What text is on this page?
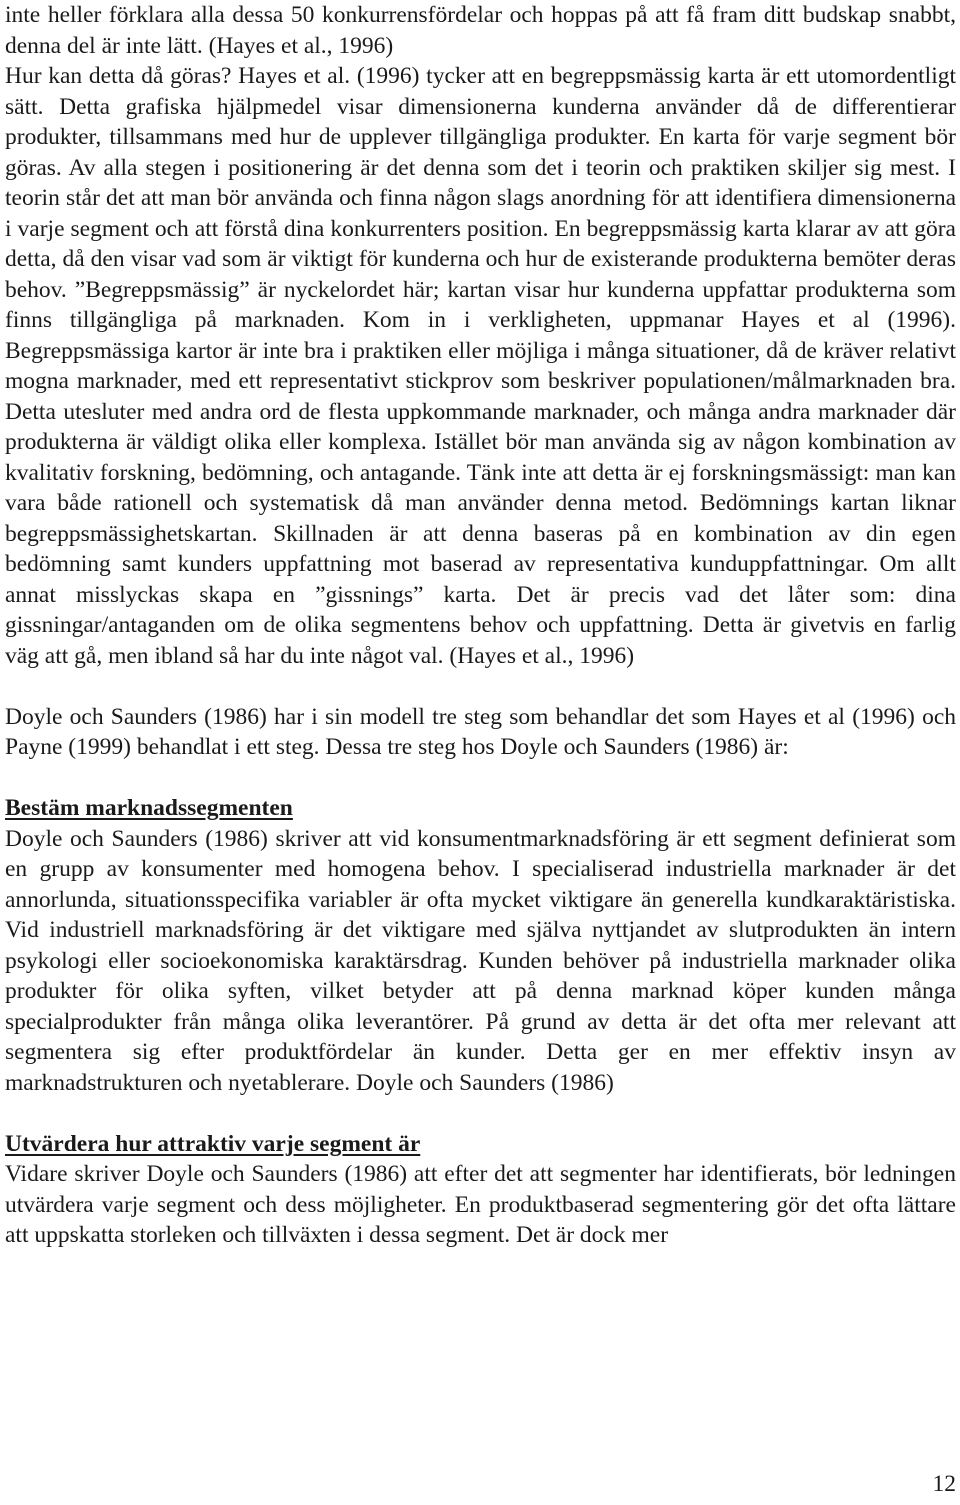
inte heller förklara alla dessa 50 konkurrensfördelar och hoppas på att få fram ditt budskap snabbt, denna del är inte lätt. (Hayes et al., 1996)

Hur kan detta då göras? Hayes et al. (1996) tycker att en begreppsmässig karta är ett utomordentligt sätt. Detta grafiska hjälpmedel visar dimensionerna kunderna använder då de differentierar produkter, tillsammans med hur de upplever tillgängliga produkter. En karta för varje segment bör göras. Av alla stegen i positionering är det denna som det i teorin och praktiken skiljer sig mest. I teorin står det att man bör använda och finna någon slags anordning för att identifiera dimensionerna i varje segment och att förstå dina konkurrenters position. En begreppsmässig karta klarar av att göra detta, då den visar vad som är viktigt för kunderna och hur de existerande produkterna bemöter deras behov. ”Begreppsmässig” är nyckelordet här; kartan visar hur kunderna uppfattar produkterna som finns tillgängliga på marknaden. Kom in i verkligheten, uppmanar Hayes et al (1996). Begreppsmässiga kartor är inte bra i praktiken eller möjliga i många situationer, då de kräver relativt mogna marknader, med ett representativt stickprov som beskriver populationen/målmarknaden bra. Detta utesluter med andra ord de flesta uppkommande marknader, och många andra marknader där produkterna är väldigt olika eller komplexa. Istället bör man använda sig av någon kombination av kvalitativ forskning, bedömning, och antagande. Tänk inte att detta är ej forskningsmässigt: man kan vara både rationell och systematisk då man använder denna metod. Bedömnings kartan liknar begreppsmässighetskartan. Skillnaden är att denna baseras på en kombination av din egen bedömning samt kunders uppfattning mot baserad av representativa kunduppfattningar. Om allt annat misslyckas skapa en ”gissnings” karta. Det är precis vad det låter som: dina gissningar/antaganden om de olika segmentens behov och uppfattning. Detta är givetvis en farlig väg att gå, men ibland så har du inte något val. (Hayes et al., 1996)

Doyle och Saunders (1986) har i sin modell tre steg som behandlar det som Hayes et al (1996) och Payne (1999) behandlat i ett steg. Dessa tre steg hos Doyle och Saunders (1986) är:

Bestäm marknadssegmenten

Doyle och Saunders (1986) skriver att vid konsumentmarknadsföring är ett segment definierat som en grupp av konsumenter med homogena behov. I specialiserad industriella marknader är det annorlunda, situationsspecifika variabler är ofta mycket viktigare än generella kundkaraktäristiska. Vid industriell marknadsföring är det viktigare med själva nyttjandet av slutprodukten än intern psykologi eller socioekonomiska karaktärsdrag. Kunden behöver på industriella marknader olika produkter för olika syften, vilket betyder att på denna marknad köper kunden många specialprodukter från många olika leverantörer. På grund av detta är det ofta mer relevant att segmentera sig efter produktfördelar än kunder. Detta ger en mer effektiv insyn av marknadstrukturen och nyetablerare. Doyle och Saunders (1986)

Utvärdera hur attraktiv varje segment är

Vidare skriver Doyle och Saunders (1986) att efter det att segmenter har identifierats, bör ledningen utvärdera varje segment och dess möjligheter. En produktbaserad segmentering gör det ofta lättare att uppskatta storleken och tillväxten i dessa segment. Det är dock mer

12
